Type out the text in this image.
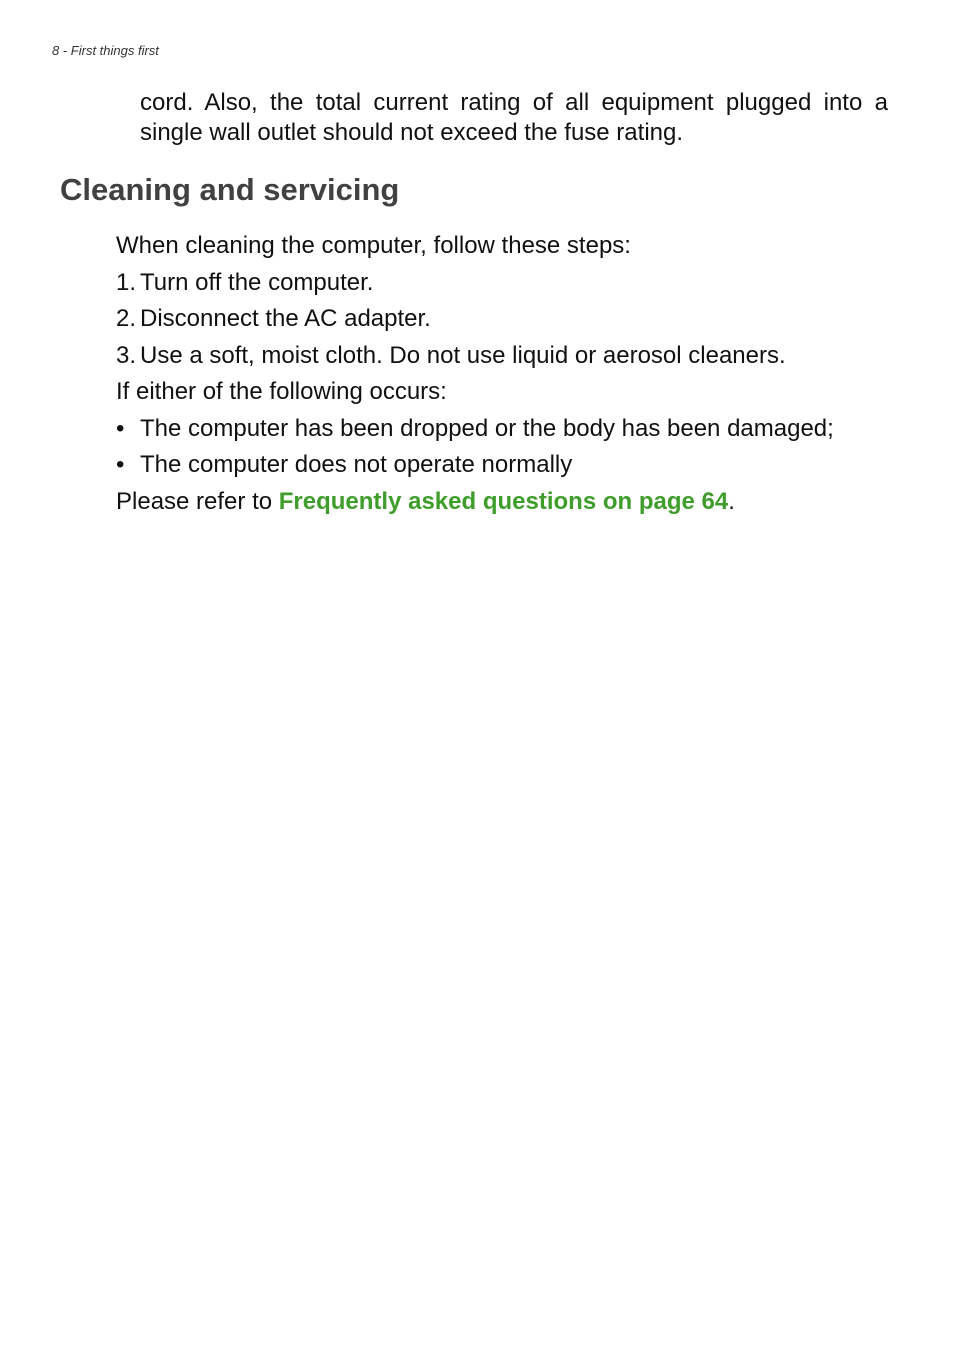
8 - First things first

cord. Also, the total current rating of all equipment plugged into a single wall outlet should not exceed the fuse rating.

Cleaning and servicing
When cleaning the computer, follow these steps:
1. Turn off the computer.
2. Disconnect the AC adapter.
3. Use a soft, moist cloth. Do not use liquid or aerosol cleaners.
If either of the following occurs:
• The computer has been dropped or the body has been damaged;
• The computer does not operate normally
Please refer to Frequently asked questions on page 64.
